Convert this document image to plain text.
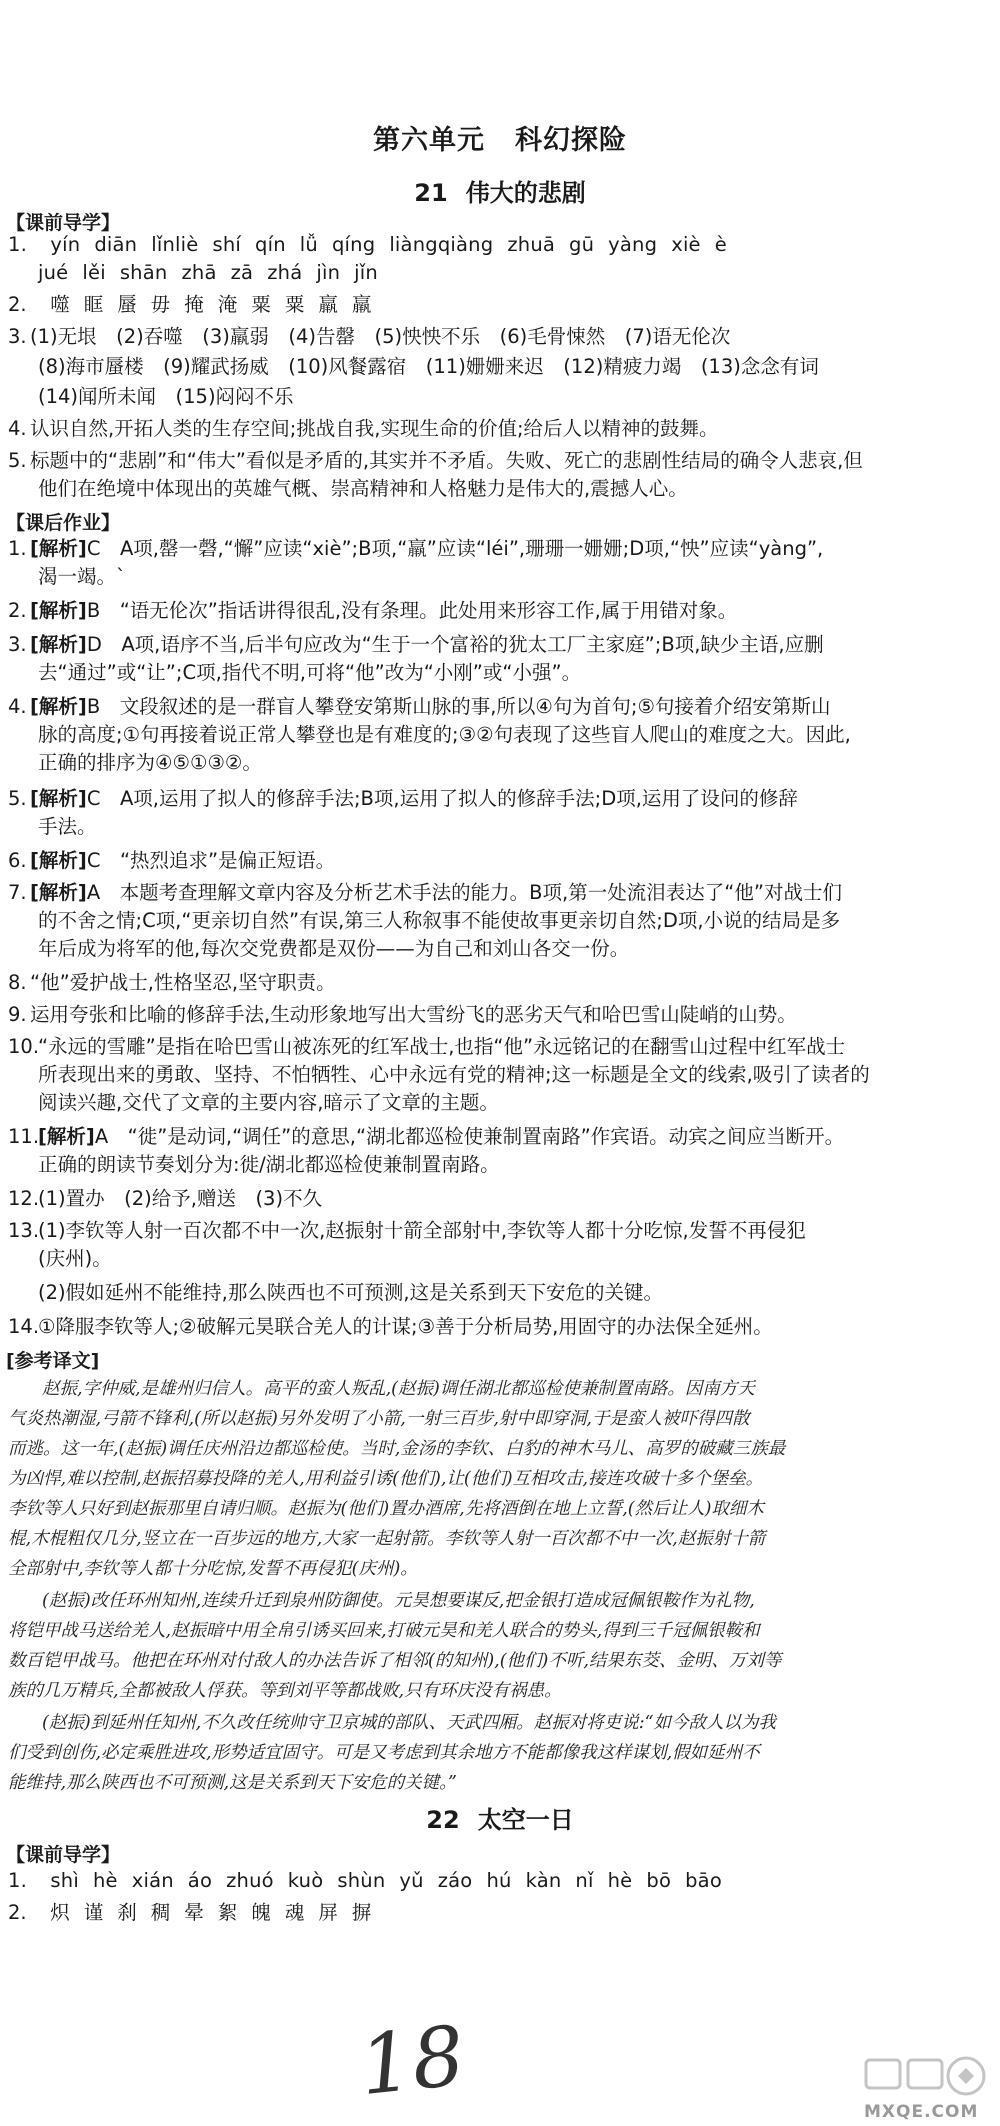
第六单元 科幻探险
21 伟大的悲剧
【课前导学】
1. yín diān lǐnliè shí qín lǚ qíng liàngqiàng zhuā gū yàng xiè è
jué lěi shān zhā zā zhá jìn jǐn
2. 噬 眶 蜃 毋 掩 淹 粟 粟 羸 羸
3. (1)无垠　(2)吞噬　(3)羸弱　(4)告罄　(5)怏怏不乐　(6)毛骨悚然　(7)语无伦次
(8)海市蜃楼　(9)耀武扬威　(10)风餐露宿　(11)姗姗来迟　(12)精疲力竭　(13)念念有词
(14)闻所未闻　(15)闷闷不乐
4. 认识自然,开拓人类的生存空间;挑战自我,实现生命的价值;给后人以精神的鼓舞。
5. 标题中的“悲剧”和“伟大”看似是矛盾的,其实并不矛盾。失败、死亡的悲剧性结局的确令人悲哀,但
他们在绝境中体现出的英雄气概、崇高精神和人格魅力是伟大的,震撼人心。
【课后作业】
1. [解析]C　A项,罄一磬,“懈”应读“xiè”;B项,“羸”应读“léi”,珊珊一姗姗;D项,“怏”应读“yàng”,
渴一竭。`
2. [解析]B　“语无伦次”指话讲得很乱,没有条理。此处用来形容工作,属于用错对象。
3. [解析]D　A项,语序不当,后半句应改为“生于一个富裕的犹太工厂主家庭”;B项,缺少主语,应删
去“通过”或“让”;C项,指代不明,可将“他”改为“小刚”或“小强”。
4. [解析]B　文段叙述的是一群盲人攀登安第斯山脉的事,所以④句为首句;⑤句接着介绍安第斯山
脉的高度;①句再接着说正常人攀登也是有难度的;③②句表现了这些盲人爬山的难度之大。因此,
正确的排序为④⑤①③②。
5. [解析]C　A项,运用了拟人的修辞手法;B项,运用了拟人的修辞手法;D项,运用了设问的修辞
手法。
6. [解析]C　“热烈追求”是偏正短语。
7. [解析]A　本题考查理解文章内容及分析艺术手法的能力。B项,第一处流泪表达了“他”对战士们
的不舍之情;C项,“更亲切自然”有误,第三人称叙事不能使故事更亲切自然;D项,小说的结局是多
年后成为将军的他,每次交党费都是双份——为自己和刘山各交一份。
8. “他”爱护战士,性格坚忍,坚守职责。
9. 运用夸张和比喻的修辞手法,生动形象地写出大雪纷飞的恶劣天气和哈巴雪山陡峭的山势。
10.“永远的雪雕”是指在哈巴雪山被冻死的红军战士,也指“他”永远铭记的在翻雪山过程中红军战士
所表现出来的勇敢、坚持、不怕牺牲、心中永远有党的精神;这一标题是全文的线索,吸引了读者的
阅读兴趣,交代了文章的主要内容,暗示了文章的主题。
11.[解析]A　“徙”是动词,“调任”的意思,“湖北都巡检使兼制置南路”作宾语。动宾之间应当断开。
正确的朗读节奏划分为:徙/湖北都巡检使兼制置南路。
12.(1)置办　(2)给予,赠送　(3)不久
13.(1)李钦等人射一百次都不中一次,赵振射十箭全部射中,李钦等人都十分吃惊,发誓不再侵犯
(庆州)。
(2)假如延州不能维持,那么陕西也不可预测,这是关系到天下安危的关键。
14.①降服李钦等人;②破解元昊联合羌人的计谋;③善于分析局势,用固守的办法保全延州。
[参考译文]
赵振,字仲威,是雄州归信人。高平的蛮人叛乱,(赵振)调任湖北都巡检使兼制置南路。因南方天
气炎热潮湿,弓箭不锋利,(所以赵振)另外发明了小箭,一射三百步,射中即穿洞,于是蛮人被吓得四散
而逃。这一年,(赵振)调任庆州沿边都巡检使。当时,金汤的李钦、白豹的神木马儿、高罗的破藏三族最
为凶悍,难以控制,赵振招募投降的羌人,用利益引诱(他们),让(他们)互相攻击,接连攻破十多个堡垒。
李钦等人只好到赵振那里自请归顺。赵振为(他们)置办酒席,先将酒倒在地上立誓,(然后让人)取细木
棍,木棍粗仅几分,竖立在一百步远的地方,大家一起射箭。李钦等人射一百次都不中一次,赵振射十箭
全部射中,李钦等人都十分吃惊,发誓不再侵犯(庆州)。
(赵振)改任环州知州,连续升迁到泉州防御使。元昊想要谋反,把金银打造成冠佩银鞍作为礼物,
将铠甲战马送给羌人,赵振暗中用全帛引诱买回来,打破元昊和羌人联合的势头,得到三千冠佩银鞍和
数百铠甲战马。他把在环州对付敌人的办法告诉了相邻(的知州),(他们)不听,结果东茭、金明、万刘等
族的几万精兵,全都被敌人俘获。等到刘平等都战败,只有环庆没有祸患。
(赵振)到延州任知州,不久改任统帅守卫京城的部队、天武四厢。赵振对将吏说:“如今敌人以为我
们受到创伤,必定乘胜进攻,形势适宜固守。可是又考虑到其余地方不能都像我这样谋划,假如延州不
能维持,那么陕西也不可预测,这是关系到天下安危的关键。”
22 太空一日
【课前导学】
1. shì hè xián áo zhuó kuò shùn yǔ záo hú kàn nǐ hè bō bāo
2. 炽 谨 刹 稠 晕 絮 魄 魂 屏 摒
18	MXQE.COM
